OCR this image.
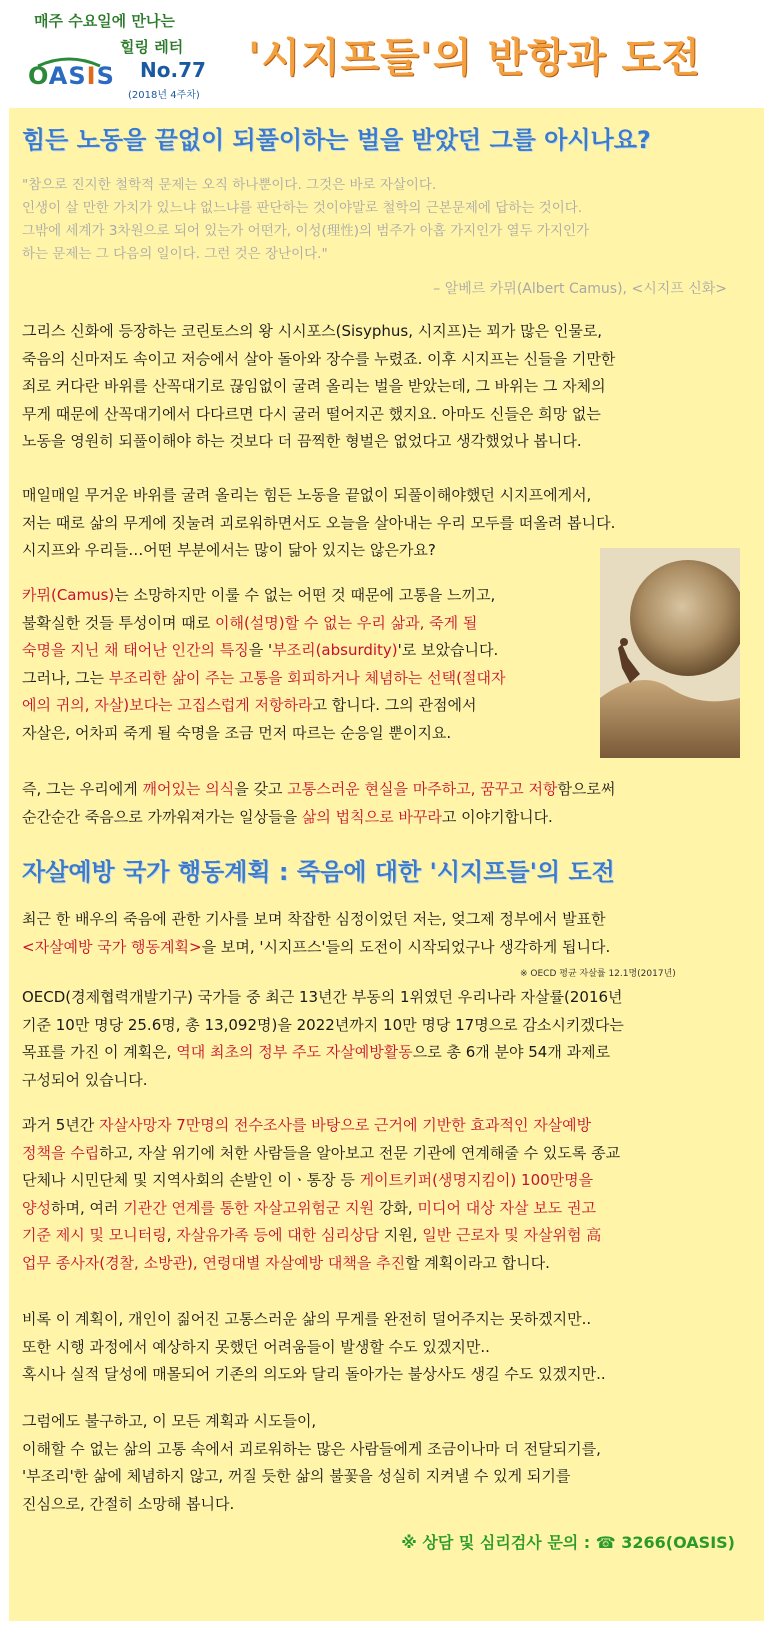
매주 수요일에 만나는
힐링 레터
OASIS No.77
(2018년 4주차)
'시지프들'의 반항과 도전
힘든 노동을 끝없이 되풀이하는 벌을 받았던 그를 아시나요?
"참으로 진지한 철학적 문제는 오직 하나뿐이다. 그것은 바로 자살이다.
인생이 살 만한 가치가 있느냐 없느냐를 판단하는 것이야말로 철학의 근본문제에 답하는 것이다.
그밖에 세계가 3차원으로 되어 있는가 어떤가, 이성(理性)의 범주가 아홉 가지인가 열두 가지인가
하는 문제는 그 다음의 일이다. 그런 것은 장난이다."
– 알베르 카뮈(Albert Camus), <시지프 신화>
그리스 신화에 등장하는 코린토스의 왕 시시포스(Sisyphus, 시지프)는 꾀가 많은 인물로,
죽음의 신마저도 속이고 저승에서 살아 돌아와 장수를 누렸죠. 이후 시지프는 신들을 기만한
죄로 커다란 바위를 산꼭대기로 끊임없이 굴려 올리는 벌을 받았는데, 그 바위는 그 자체의
무게 때문에 산꼭대기에서 다다르면 다시 굴러 떨어지곤 했지요. 아마도 신들은 희망 없는
노동을 영원히 되풀이해야 하는 것보다 더 끔찍한 형벌은 없었다고 생각했었나 봅니다.
매일매일 무거운 바위를 굴려 올리는 힘든 노동을 끝없이 되풀이해야했던 시지프에게서,
저는 때로 삶의 무게에 짓눌려 괴로워하면서도 오늘을 살아내는 우리 모두를 떠올려 봅니다.
시지프와 우리들…어떤 부분에서는 많이 닮아 있지는 않은가요?
카뮈(Camus)는 소망하지만 이룰 수 없는 어떤 것 때문에 고통을 느끼고,
불확실한 것들 투성이며 때로 이해(설명)할 수 없는 우리 삶과, 죽게 될
숙명을 지닌 채 태어난 인간의 특징을 '부조리(absurdity)'로 보았습니다.
그러나, 그는 부조리한 삶이 주는 고통을 회피하거나 체념하는 선택(절대자
에의 귀의, 자살)보다는 고집스럽게 저항하라고 합니다. 그의 관점에서
자살은, 어차피 죽게 될 숙명을 조금 먼저 따르는 순응일 뿐이지요.
즉, 그는 우리에게 깨어있는 의식을 갖고 고통스러운 현실을 마주하고, 꿈꾸고 저항함으로써
순간순간 죽음으로 가까워져가는 일상들을 삶의 법칙으로 바꾸라고 이야기합니다.
자살예방 국가 행동계획 : 죽음에 대한 '시지프들'의 도전
최근 한 배우의 죽음에 관한 기사를 보며 착잡한 심정이었던 저는, 엊그제 정부에서 발표한
<자살예방 국가 행동계획>을 보며, '시지프스'들의 도전이 시작되었구나 생각하게 됩니다.
※ OECD 평균 자살률 12.1명(2017년)
OECD(경제협력개발기구) 국가들 중 최근 13년간 부동의 1위였던 우리나라 자살률(2016년
기준 10만 명당 25.6명, 총 13,092명)을 2022년까지 10만 명당 17명으로 감소시키겠다는
목표를 가진 이 계획은, 역대 최초의 정부 주도 자살예방활동으로 총 6개 분야 54개 과제로
구성되어 있습니다.
과거 5년간 자살사망자 7만명의 전수조사를 바탕으로 근거에 기반한 효과적인 자살예방
정책을 수립하고, 자살 위기에 처한 사람들을 알아보고 전문 기관에 연계해줄 수 있도록 종교
단체나 시민단체 및 지역사회의 손발인 이ㆍ통장 등 게이트키퍼(생명지킴이) 100만명을
양성하며, 여러 기관간 연계를 통한 자살고위험군 지원 강화, 미디어 대상 자살 보도 권고
기준 제시 및 모니터링, 자살유가족 등에 대한 심리상담 지원, 일반 근로자 및 자살위험 高
업무 종사자(경찰, 소방관), 연령대별 자살예방 대책을 추진할 계획이라고 합니다.
비록 이 계획이, 개인이 짊어진 고통스러운 삶의 무게를 완전히 덜어주지는 못하겠지만..
또한 시행 과정에서 예상하지 못했던 어려움들이 발생할 수도 있겠지만..
혹시나 실적 달성에 매몰되어 기존의 의도와 달리 돌아가는 불상사도 생길 수도 있겠지만..
그럼에도 불구하고, 이 모든 계획과 시도들이,
이해할 수 없는 삶의 고통 속에서 괴로워하는 많은 사람들에게 조금이나마 더 전달되기를,
'부조리'한 삶에 체념하지 않고, 꺼질 듯한 삶의 불꽃을 성실히 지켜낼 수 있게 되기를
진심으로, 간절히 소망해 봅니다.
※ 상담 및 심리검사 문의 : ☎ 3266(OASIS)
